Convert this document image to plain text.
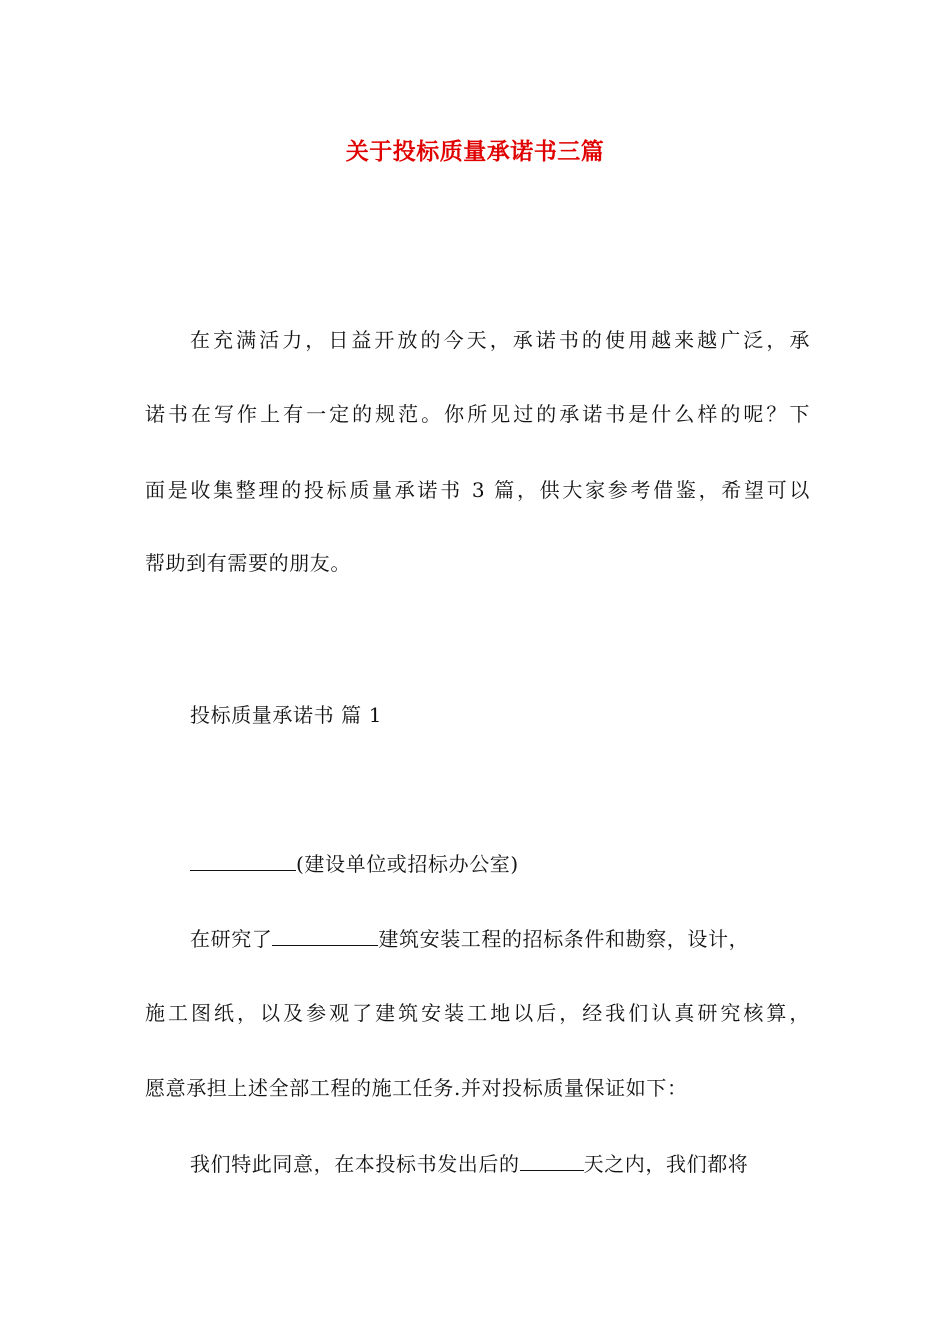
关于投标质量承诺书三篇
在充满活力，日益开放的今天，承诺书的使用越来越广泛，承
诺书在写作上有一定的规范。你所见过的承诺书是什么样的呢？下
面是收集整理的投标质量承诺书 3 篇，供大家参考借鉴，希望可以
帮助到有需要的朋友。
投标质量承诺书 篇 1
(建设单位或招标办公室)
在研究了	建筑安装工程的招标条件和勘察，设计，
施工图纸，以及参观了建筑安装工地以后，经我们认真研究核算，
愿意承担上述全部工程的施工任务.并对投标质量保证如下：
我们特此同意，在本投标书发出后的	天之内，我们都将
